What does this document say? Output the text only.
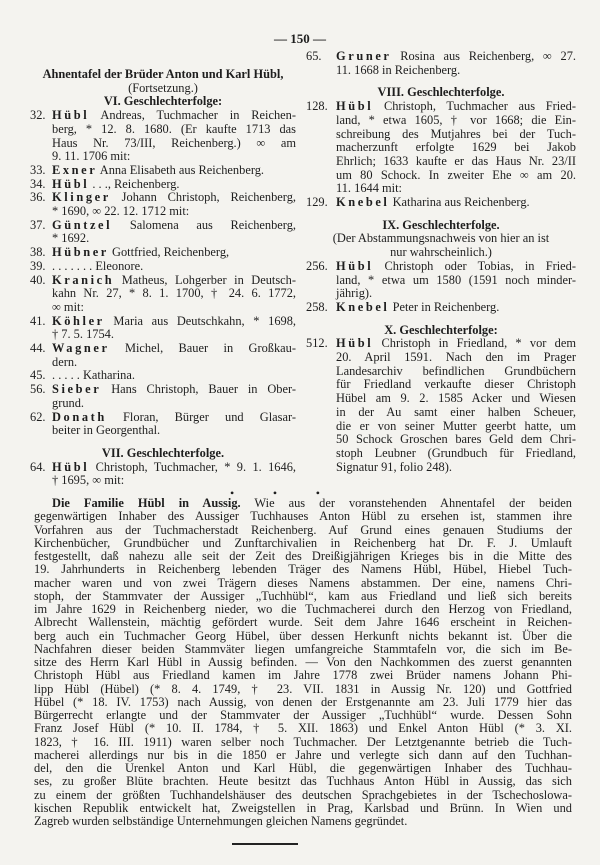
— 150 —
Ahnentafel der Brüder Anton und Karl Hübl,
(Fortsetzung.)
VI. Geschlechterfolge:
32. Hübl Andreas, Tuchmacher in Reichen-
berg, * 12. 8. 1680. (Er kaufte 1713 das
Haus Nr. 73/III, Reichenberg.) ∞ am
9. 11. 1706 mit:
33. Exner Anna Elisabeth aus Reichenberg.
34. Hübl . . ., Reichenberg.
36. Klinger Johann Christoph, Reichenberg,
* 1690, ∞ 22. 12. 1712 mit:
37. Güntzel Salomena aus Reichenberg,
* 1692.
38. Hübner Gottfried, Reichenberg,
39. . . . . . . . Eleonore.
40. Kranich Matheus, Lohgerber in Deutsch-
kahn Nr. 27, * 8. 1. 1700, † 24. 6. 1772,
∞ mit:
41. Köhler Maria aus Deutschkahn, * 1698,
† 7. 5. 1754.
44. Wagner Michel, Bauer in Großkau-
dern.
45. . . . . . Katharina.
56. Sieber Hans Christoph, Bauer in Ober-
grund.
62. Donath Floran, Bürger und Glasar-
beiter in Georgenthal.
VII. Geschlechterfolge.
64. Hübl Christoph, Tuchmacher, * 9. 1. 1646,
† 1695, ∞ mit:
65. Gruner Rosina aus Reichenberg, ∞ 27.
11. 1668 in Reichenberg.
VIII. Geschlechterfolge.
128. Hübl Christoph, Tuchmacher aus Fried-
land, * etwa 1605, † vor 1668; die Ein-
schreibung des Mutjahres bei der Tuch-
macherzunft erfolgte 1629 bei Jakob
Ehrlich; 1633 kaufte er das Haus Nr. 23/II
um 80 Schock. In zweiter Ehe ∞ am 20.
11. 1644 mit:
129. Knebel Katharina aus Reichenberg.
IX. Geschlechterfolge.
(Der Abstammungsnachweis von hier an ist
nur wahrscheinlich.)
256. Hübl Christoph oder Tobias, in Fried-
land, * etwa um 1580 (1591 noch minder-
jährig).
258. Knebel Peter in Reichenberg.
X. Geschlechterfolge:
512. Hübl Christoph in Friedland, * vor dem
20. April 1591. Nach den im Prager
Landesarchiv befindlichen Grundbüchern
für Friedland verkaufte dieser Christoph
Hübel am 9. 2. 1585 Acker und Wiesen
in der Au samt einer halben Scheuer,
die er von seiner Mutter geerbt hatte, um
50 Schock Groschen bares Geld dem Chri-
stoph Leubner (Grundbuch für Friedland,
Signatur 91, folio 248).
•	•	•
Die Familie Hübl in Aussig. Wie aus der voranstehenden Ahnentafel der beiden
gegenwärtigen Inhaber des Aussiger Tuchhauses Anton Hübl zu ersehen ist, stammen ihre
Vorfahren aus der Tuchmacherstadt Reichenberg. Auf Grund eines genauen Studiums der
Kirchenbücher, Grundbücher und Zunftarchivalien in Reichenberg hat Dr. F. J. Umlauft
festgestellt, daß nahezu alle seit der Zeit des Dreißigjährigen Krieges bis in die Mitte des
19. Jahrhunderts in Reichenberg lebenden Träger des Namens Hübl, Hübel, Hiebel Tuch-
macher waren und von zwei Trägern dieses Namens abstammen. Der eine, namens Chri-
stoph, der Stammvater der Aussiger „Tuchhübl“, kam aus Friedland und ließ sich bereits
im Jahre 1629 in Reichenberg nieder, wo die Tuchmacherei durch den Herzog von Friedland,
Albrecht Wallenstein, mächtig gefördert wurde. Seit dem Jahre 1646 erscheint in Reichen-
berg auch ein Tuchmacher Georg Hübel, über dessen Herkunft nichts bekannt ist. Über die
Nachfahren dieser beiden Stammväter liegen umfangreiche Stammtafeln vor, die sich im Be-
sitze des Herrn Karl Hübl in Aussig befinden. — Von den Nachkommen des zuerst genannten
Christoph Hübl aus Friedland kamen im Jahre 1778 zwei Brüder namens Johann Phi-
lipp Hübl (Hübel) (* 8. 4. 1749, † 23. VII. 1831 in Aussig Nr. 120) und Gottfried
Hübel (* 18. IV. 1753) nach Aussig, von denen der Erstgenannte am 23. Juli 1779 hier das
Bürgerrecht erlangte und der Stammvater der Aussiger „Tuchhübl“ wurde. Dessen Sohn
Franz Josef Hübl (* 10. II. 1784, † 5. XII. 1863) und Enkel Anton Hübl (* 3. XI.
1823, † 16. III. 1911) waren selber noch Tuchmacher. Der Letztgenannte betrieb die Tuch-
macherei allerdings nur bis in die 1850 er Jahre und verlegte sich dann auf den Tuchhan-
del, den die Urenkel Anton und Karl Hübl, die gegenwärtigen Inhaber des Tuchhau-
ses, zu großer Blüte brachten. Heute besitzt das Tuchhaus Anton Hübl in Aussig, das sich
zu einem der größten Tuchhandelshäuser des deutschen Sprachgebietes in der Tschechoslowa-
kischen Republik entwickelt hat, Zweigstellen in Prag, Karlsbad und Brünn. In Wien und
Zagreb wurden selbständige Unternehmungen gleichen Namens gegründet.
